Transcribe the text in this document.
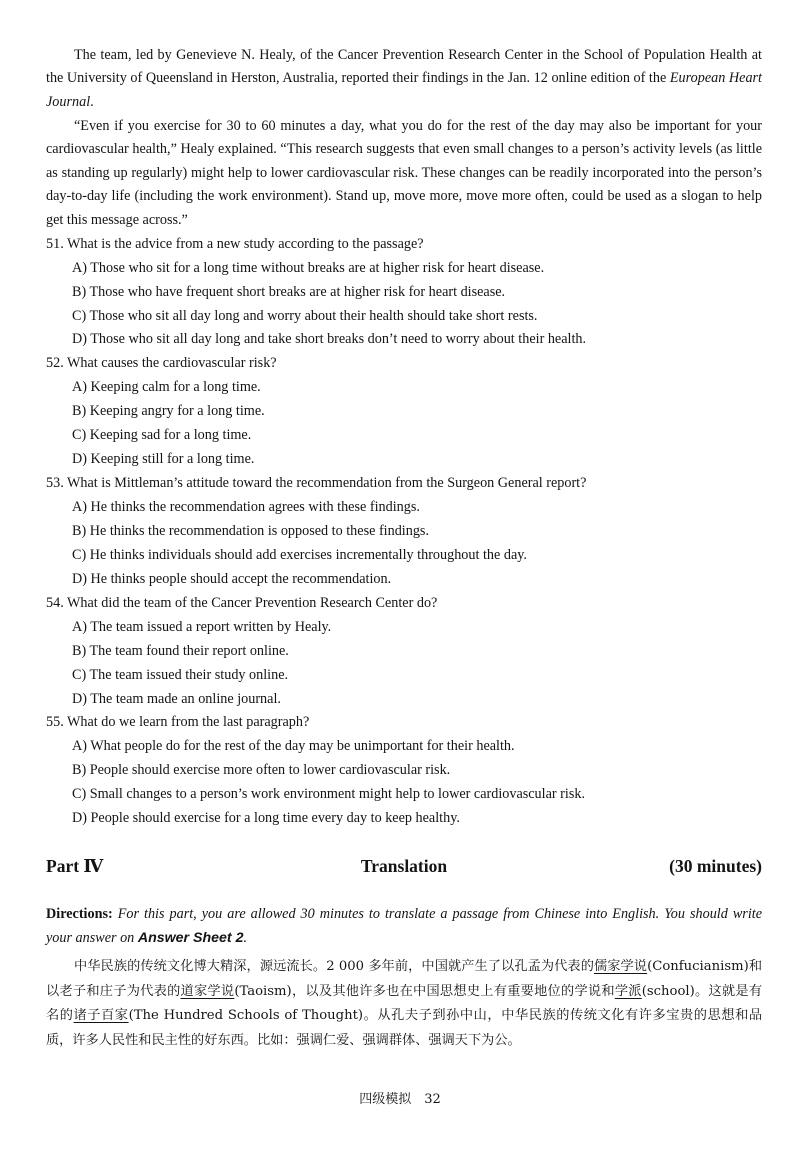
The team, led by Genevieve N. Healy, of the Cancer Prevention Research Center in the School of Population Health at the University of Queensland in Herston, Australia, reported their findings in the Jan. 12 online edition of the European Heart Journal.

“Even if you exercise for 30 to 60 minutes a day, what you do for the rest of the day may also be important for your cardiovascular health,” Healy explained. “This research suggests that even small changes to a person’s activity levels (as little as standing up regularly) might help to lower cardiovascular risk. These changes can be readily incorporated into the person’s day-to-day life (including the work environment). Stand up, move more, move more often, could be used as a slogan to help get this message across.”

51. What is the advice from a new study according to the passage?

A) Those who sit for a long time without breaks are at higher risk for heart disease.

B) Those who have frequent short breaks are at higher risk for heart disease.

C) Those who sit all day long and worry about their health should take short rests.

D) Those who sit all day long and take short breaks don’t need to worry about their health.

52. What causes the cardiovascular risk?

A) Keeping calm for a long time.

B) Keeping angry for a long time.

C) Keeping sad for a long time.

D) Keeping still for a long time.

53. What is Mittleman’s attitude toward the recommendation from the Surgeon General report?

A) He thinks the recommendation agrees with these findings.

B) He thinks the recommendation is opposed to these findings.

C) He thinks individuals should add exercises incrementally throughout the day.

D) He thinks people should accept the recommendation.

54. What did the team of the Cancer Prevention Research Center do?

A) The team issued a report written by Healy.

B) The team found their report online.

C) The team issued their study online.

D) The team made an online journal.

55. What do we learn from the last paragraph?

A) What people do for the rest of the day may be unimportant for their health.

B) People should exercise more often to lower cardiovascular risk.

C) Small changes to a person’s work environment might help to lower cardiovascular risk.

D) People should exercise for a long time every day to keep healthy.

Translation
Part Ⅳ	(30 minutes)

Directions: For this part, you are allowed 30 minutes to translate a passage from Chinese into English. You should write your answer on Answer Sheet 2.

中华民族的传统文化博大精深，源远流长。2 000 多年前，中国就产生了以孔孟为代表的儒家学说(Confucianism)和以老子和庄子为代表的道家学说(Taoism)，以及其他许多也在中国思想史上有重要地位的学说和学派(school)。这就是有名的诸子百家(The Hundred Schools of Thought)。从孔夫子到孙中山，中华民族的传统文化有许多宝贵的思想和品质，许多人民性和民主性的好东西。比如：强调仁爱、强调群体、强调天下为公。

四级模拟　32
